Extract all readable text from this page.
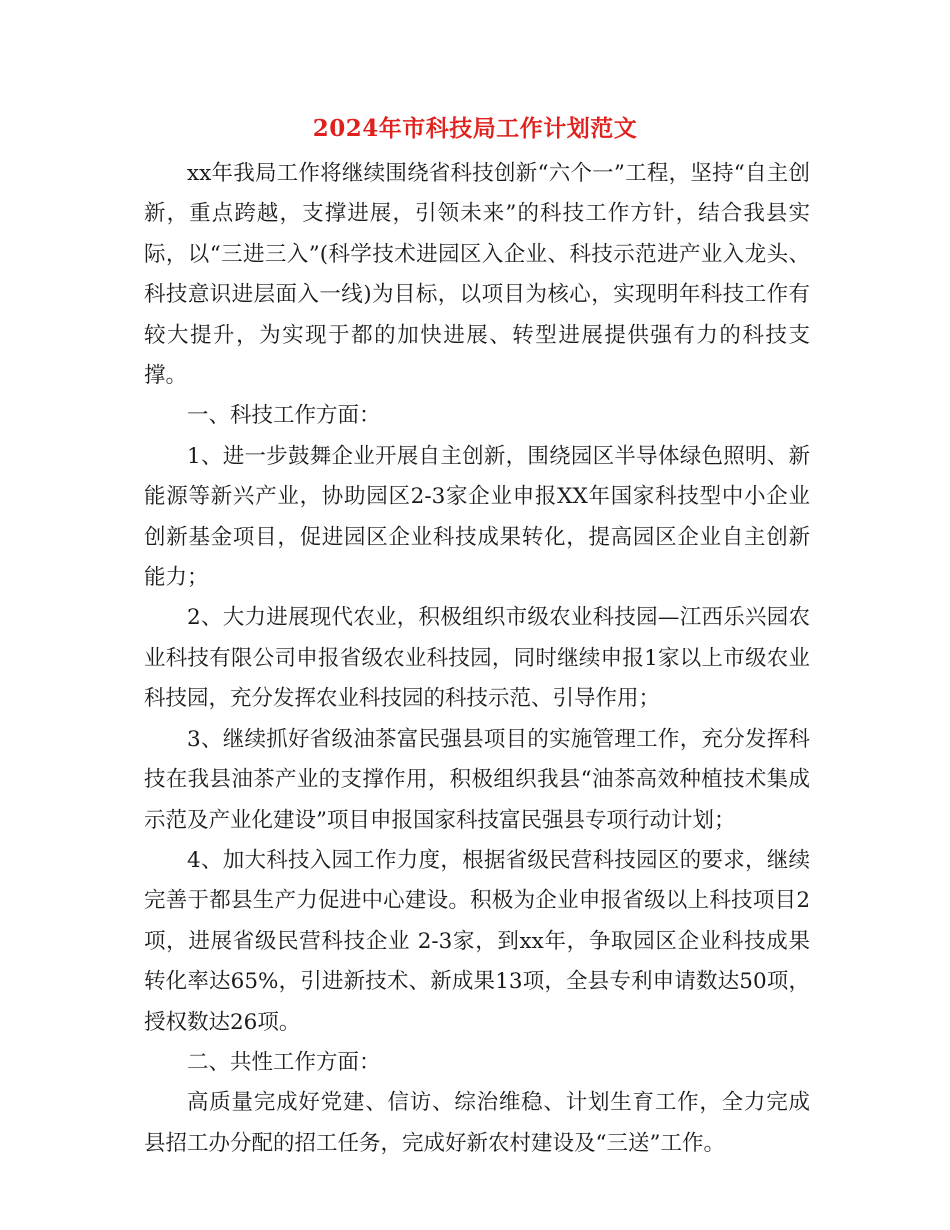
2024年市科技局工作计划范文

xx年我局工作将继续围绕省科技创新“六个一”工程，坚持“自主创新，重点跨越，支撑进展，引领未来”的科技工作方针，结合我县实际，以“三进三入”(科学技术进园区入企业、科技示范进产业入龙头、科技意识进层面入一线)为目标，以项目为核心，实现明年科技工作有较大提升，为实现于都的加快进展、转型进展提供强有力的科技支撑。

一、科技工作方面：

1、进一步鼓舞企业开展自主创新，围绕园区半导体绿色照明、新能源等新兴产业，协助园区2-3家企业申报XX年国家科技型中小企业创新基金项目，促进园区企业科技成果转化，提高园区企业自主创新能力；

2、大力进展现代农业，积极组织市级农业科技园—江西乐兴园农业科技有限公司申报省级农业科技园，同时继续申报1家以上市级农业科技园，充分发挥农业科技园的科技示范、引导作用；

3、继续抓好省级油茶富民强县项目的实施管理工作，充分发挥科技在我县油茶产业的支撑作用，积极组织我县“油茶高效种植技术集成示范及产业化建设”项目申报国家科技富民强县专项行动计划；

4、加大科技入园工作力度，根据省级民营科技园区的要求，继续完善于都县生产力促进中心建设。积极为企业申报省级以上科技项目2项，进展省级民营科技企业 2-3家，到xx年，争取园区企业科技成果转化率达65%，引进新技术、新成果13项，全县专利申请数达50项，授权数达26项。

二、共性工作方面：

高质量完成好党建、信访、综治维稳、计划生育工作，全力完成县招工办分配的招工任务，完成好新农村建设及“三送”工作。
